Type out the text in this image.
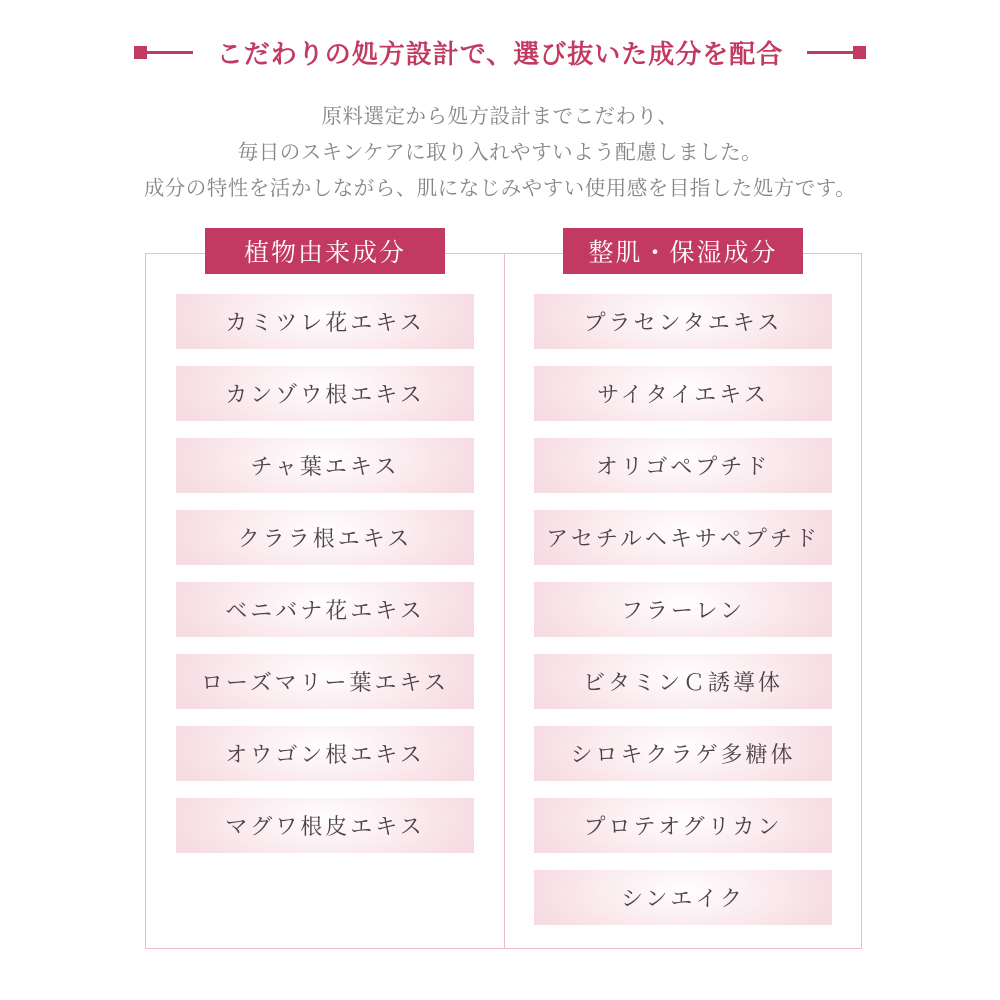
こだわりの処方設計で、選び抜いた成分を配合
原料選定から処方設計までこだわり、
毎日のスキンケアに取り入れやすいよう配慮しました。
成分の特性を活かしながら、肌になじみやすい使用感を目指した処方です。
植物由来成分
カミツレ花エキス
カンゾウ根エキス
チャ葉エキス
クララ根エキス
ベニバナ花エキス
ローズマリー葉エキス
オウゴン根エキス
マグワ根皮エキス
整肌・保湿成分
プラセンタエキス
サイタイエキス
オリゴペプチド
アセチルヘキサペプチド
フラーレン
ビタミンＣ誘導体
シロキクラゲ多糖体
プロテオグリカン
シンエイク
